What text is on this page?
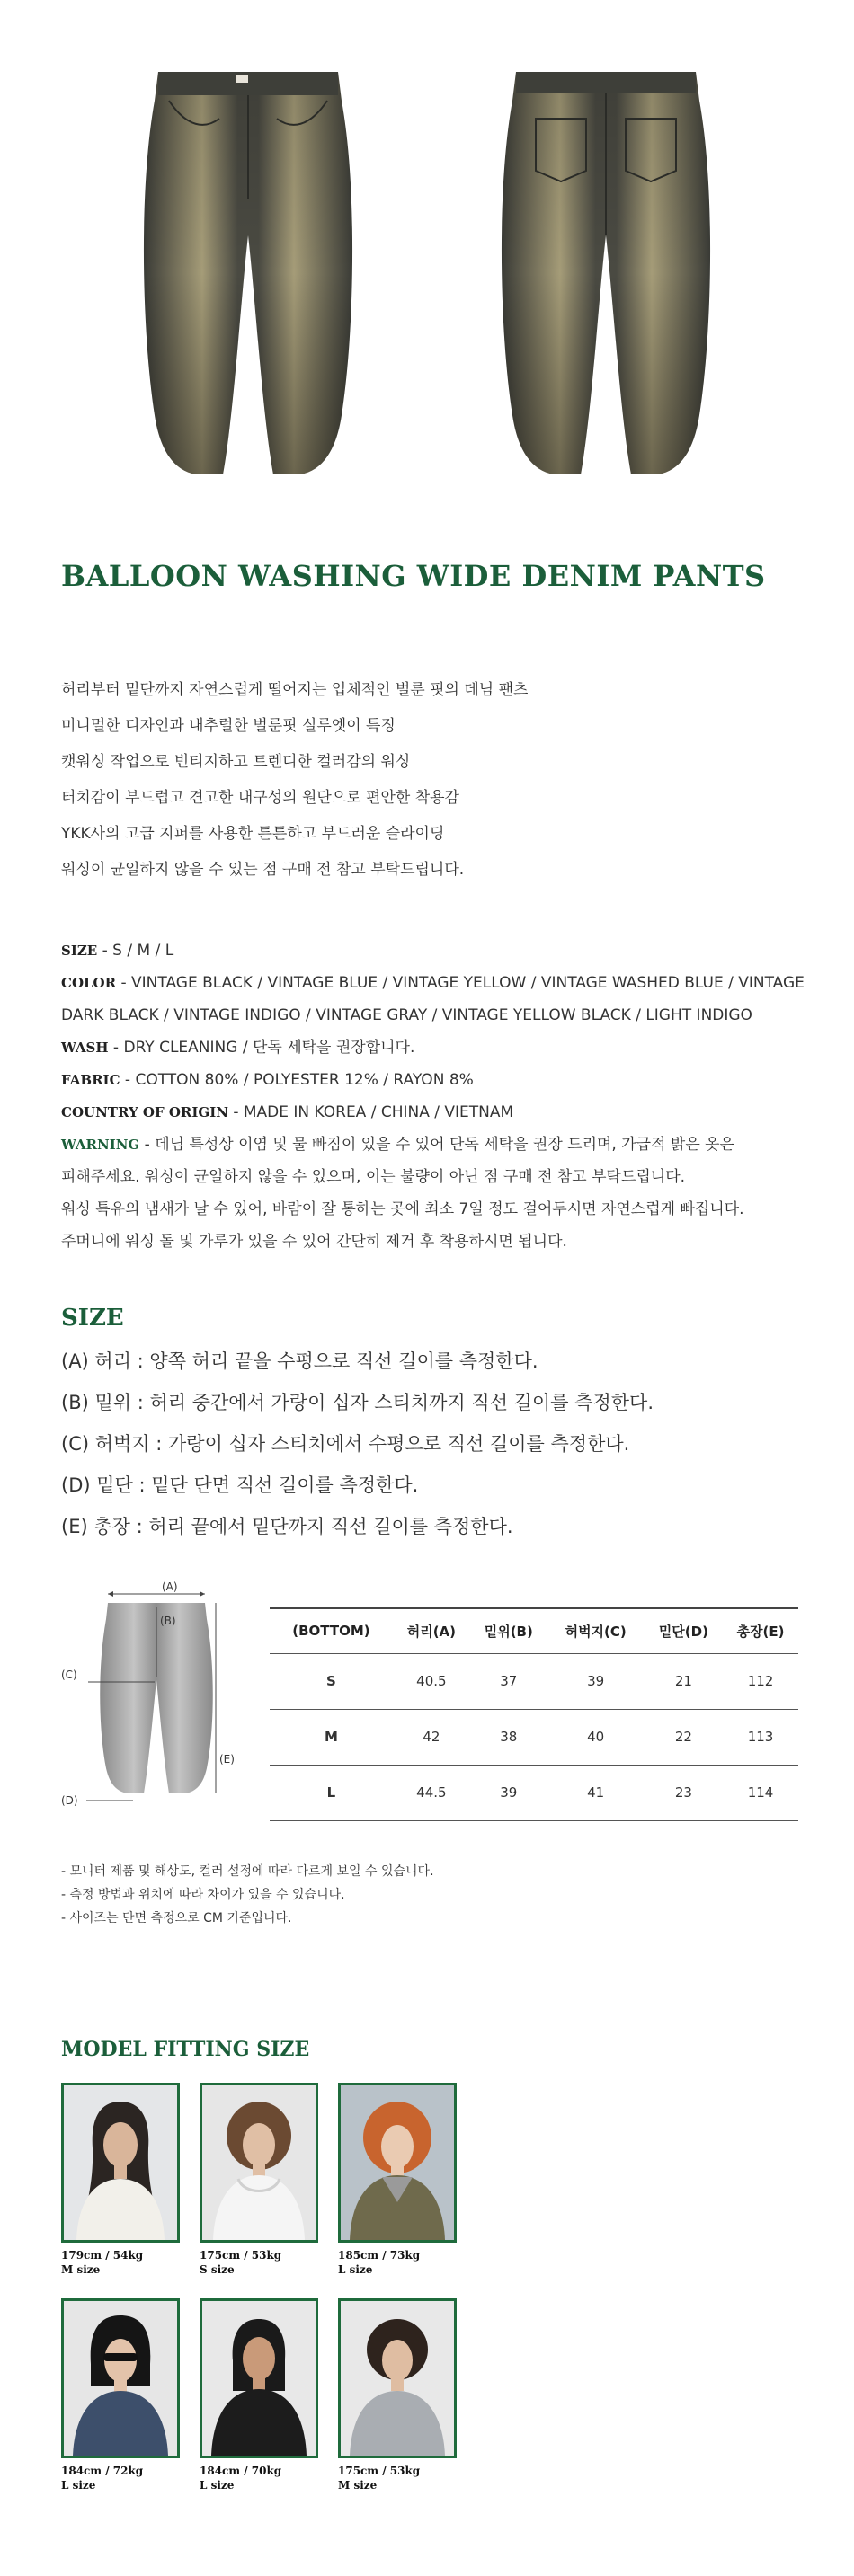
BALLOON WASHING WIDE DENIM PANTS

허리부터 밑단까지 자연스럽게 떨어지는 입체적인 벌룬 핏의 데님 팬츠

미니멀한 디자인과 내추럴한 벌룬핏 실루엣이 특징

캣워싱 작업으로 빈티지하고 트렌디한 컬러감의 워싱

터치감이 부드럽고 견고한 내구성의 원단으로 편안한 착용감

YKK사의 고급 지퍼를 사용한 튼튼하고 부드러운 슬라이딩

워싱이 균일하지 않을 수 있는 점 구매 전 참고 부탁드립니다.

SIZE - S / M / L

COLOR - VINTAGE BLACK / VINTAGE BLUE / VINTAGE YELLOW / VINTAGE WASHED BLUE / VINTAGE

DARK BLACK / VINTAGE INDIGO / VINTAGE GRAY / VINTAGE YELLOW BLACK / LIGHT INDIGO

WASH - DRY CLEANING / 단독 세탁을 권장합니다.

FABRIC - COTTON 80% / POLYESTER 12% / RAYON 8%

COUNTRY OF ORIGIN - MADE IN KOREA / CHINA / VIETNAM

WARNING - 데님 특성상 이염 및 물 빠짐이 있을 수 있어 단독 세탁을 권장 드리며, 가급적 밝은 옷은

피해주세요. 워싱이 균일하지 않을 수 있으며, 이는 불량이 아닌 점 구매 전 참고 부탁드립니다.

워싱 특유의 냄새가 날 수 있어, 바람이 잘 통하는 곳에 최소 7일 정도 걸어두시면 자연스럽게 빠집니다.

주머니에 워싱 돌 및 가루가 있을 수 있어 간단히 제거 후 착용하시면 됩니다.

SIZE

(A) 허리 : 양쪽 허리 끝을 수평으로 직선 길이를 측정한다.

(B) 밑위 : 허리 중간에서 가랑이 십자 스티치까지 직선 길이를 측정한다.

(C) 허벅지 : 가랑이 십자 스티치에서 수평으로 직선 길이를 측정한다.

(D) 밑단 : 밑단 단면 직선 길이를 측정한다.

(E) 총장 : 허리 끝에서 밑단까지 직선 길이를 측정한다.

(A)
(B)
(C)
(D)
(E)
(BOTTOM)	허리(A)	밑위(B)	허벅지(C)	밑단(D)	총장(E)
S	40.5	37	39	21	112
M	42	38	40	22	113
L	44.5	39	41	23	114

- 모니터 제품 및 해상도, 컬러 설정에 따라 다르게 보일 수 있습니다.

- 측정 방법과 위치에 따라 차이가 있을 수 있습니다.

- 사이즈는 단면 측정으로 CM 기준입니다.

MODEL FITTING SIZE
179cm / 54kg
M size
175cm / 53kg
S size
185cm / 73kg
L size
184cm / 72kg
L size
184cm / 70kg
L size
175cm / 53kg
M size
